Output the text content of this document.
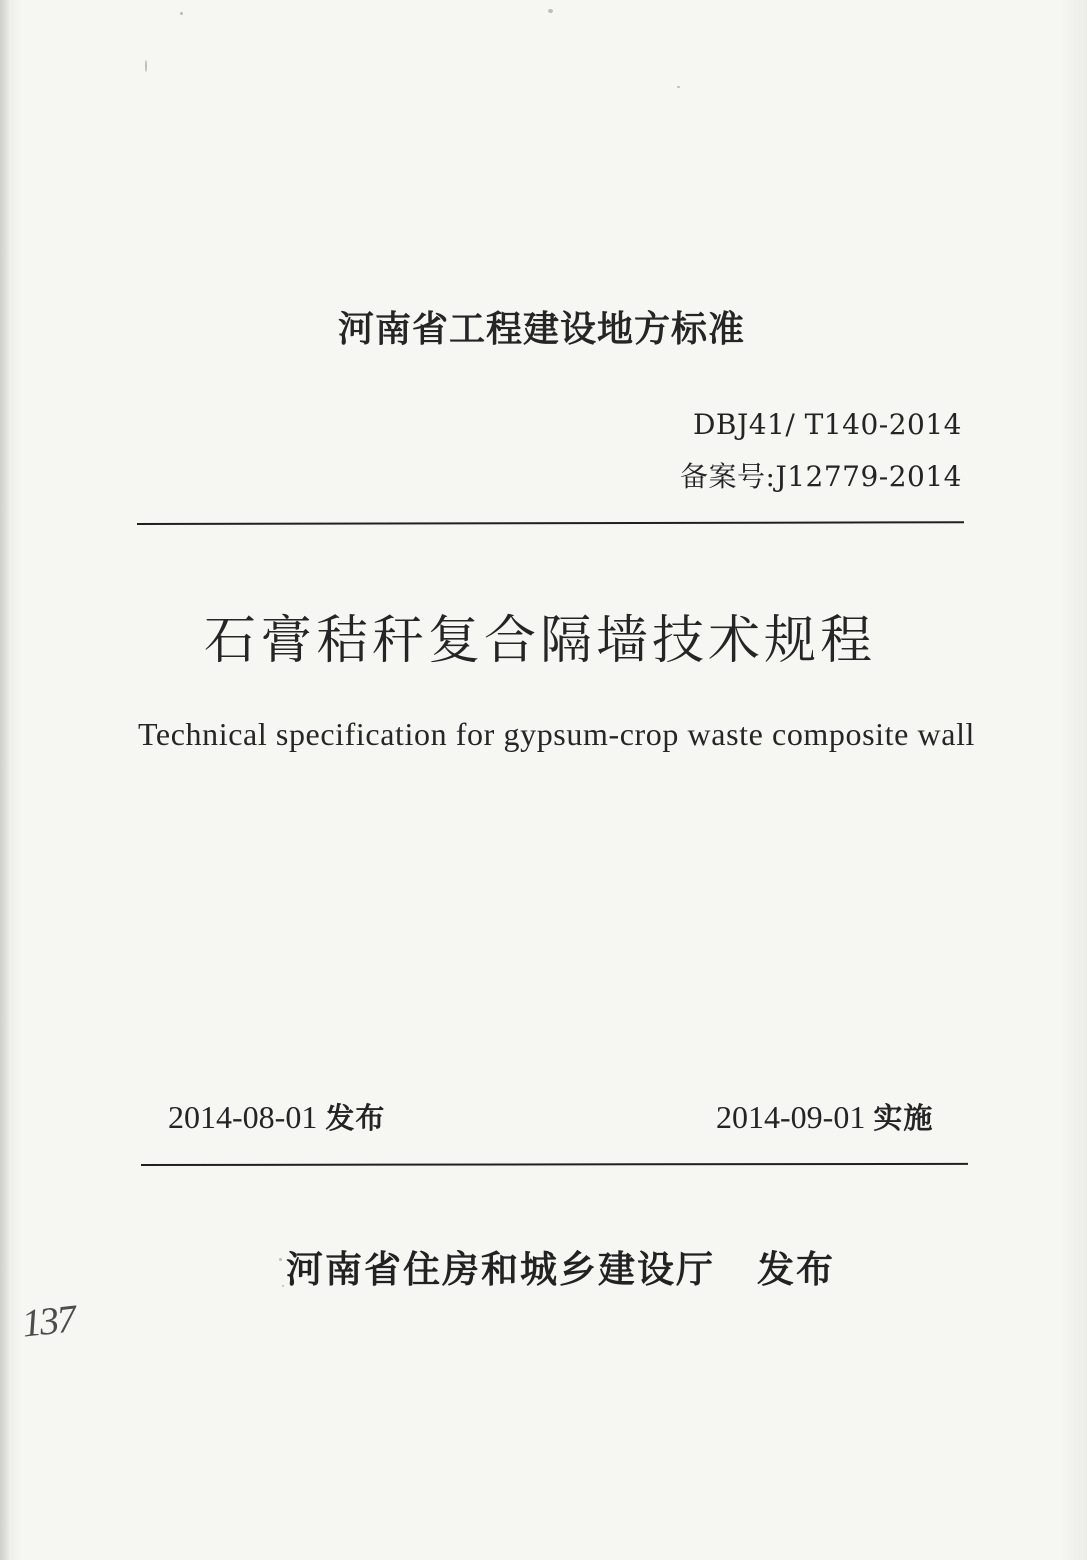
河南省工程建设地方标准
DBJ41/ T140-2014
备案号:J12779-2014
石膏秸秆复合隔墙技术规程
Technical specification for gypsum-crop waste composite wall
2014-08-01 发布	2014-09-01 实施
河南省住房和城乡建设厅 发布
137
